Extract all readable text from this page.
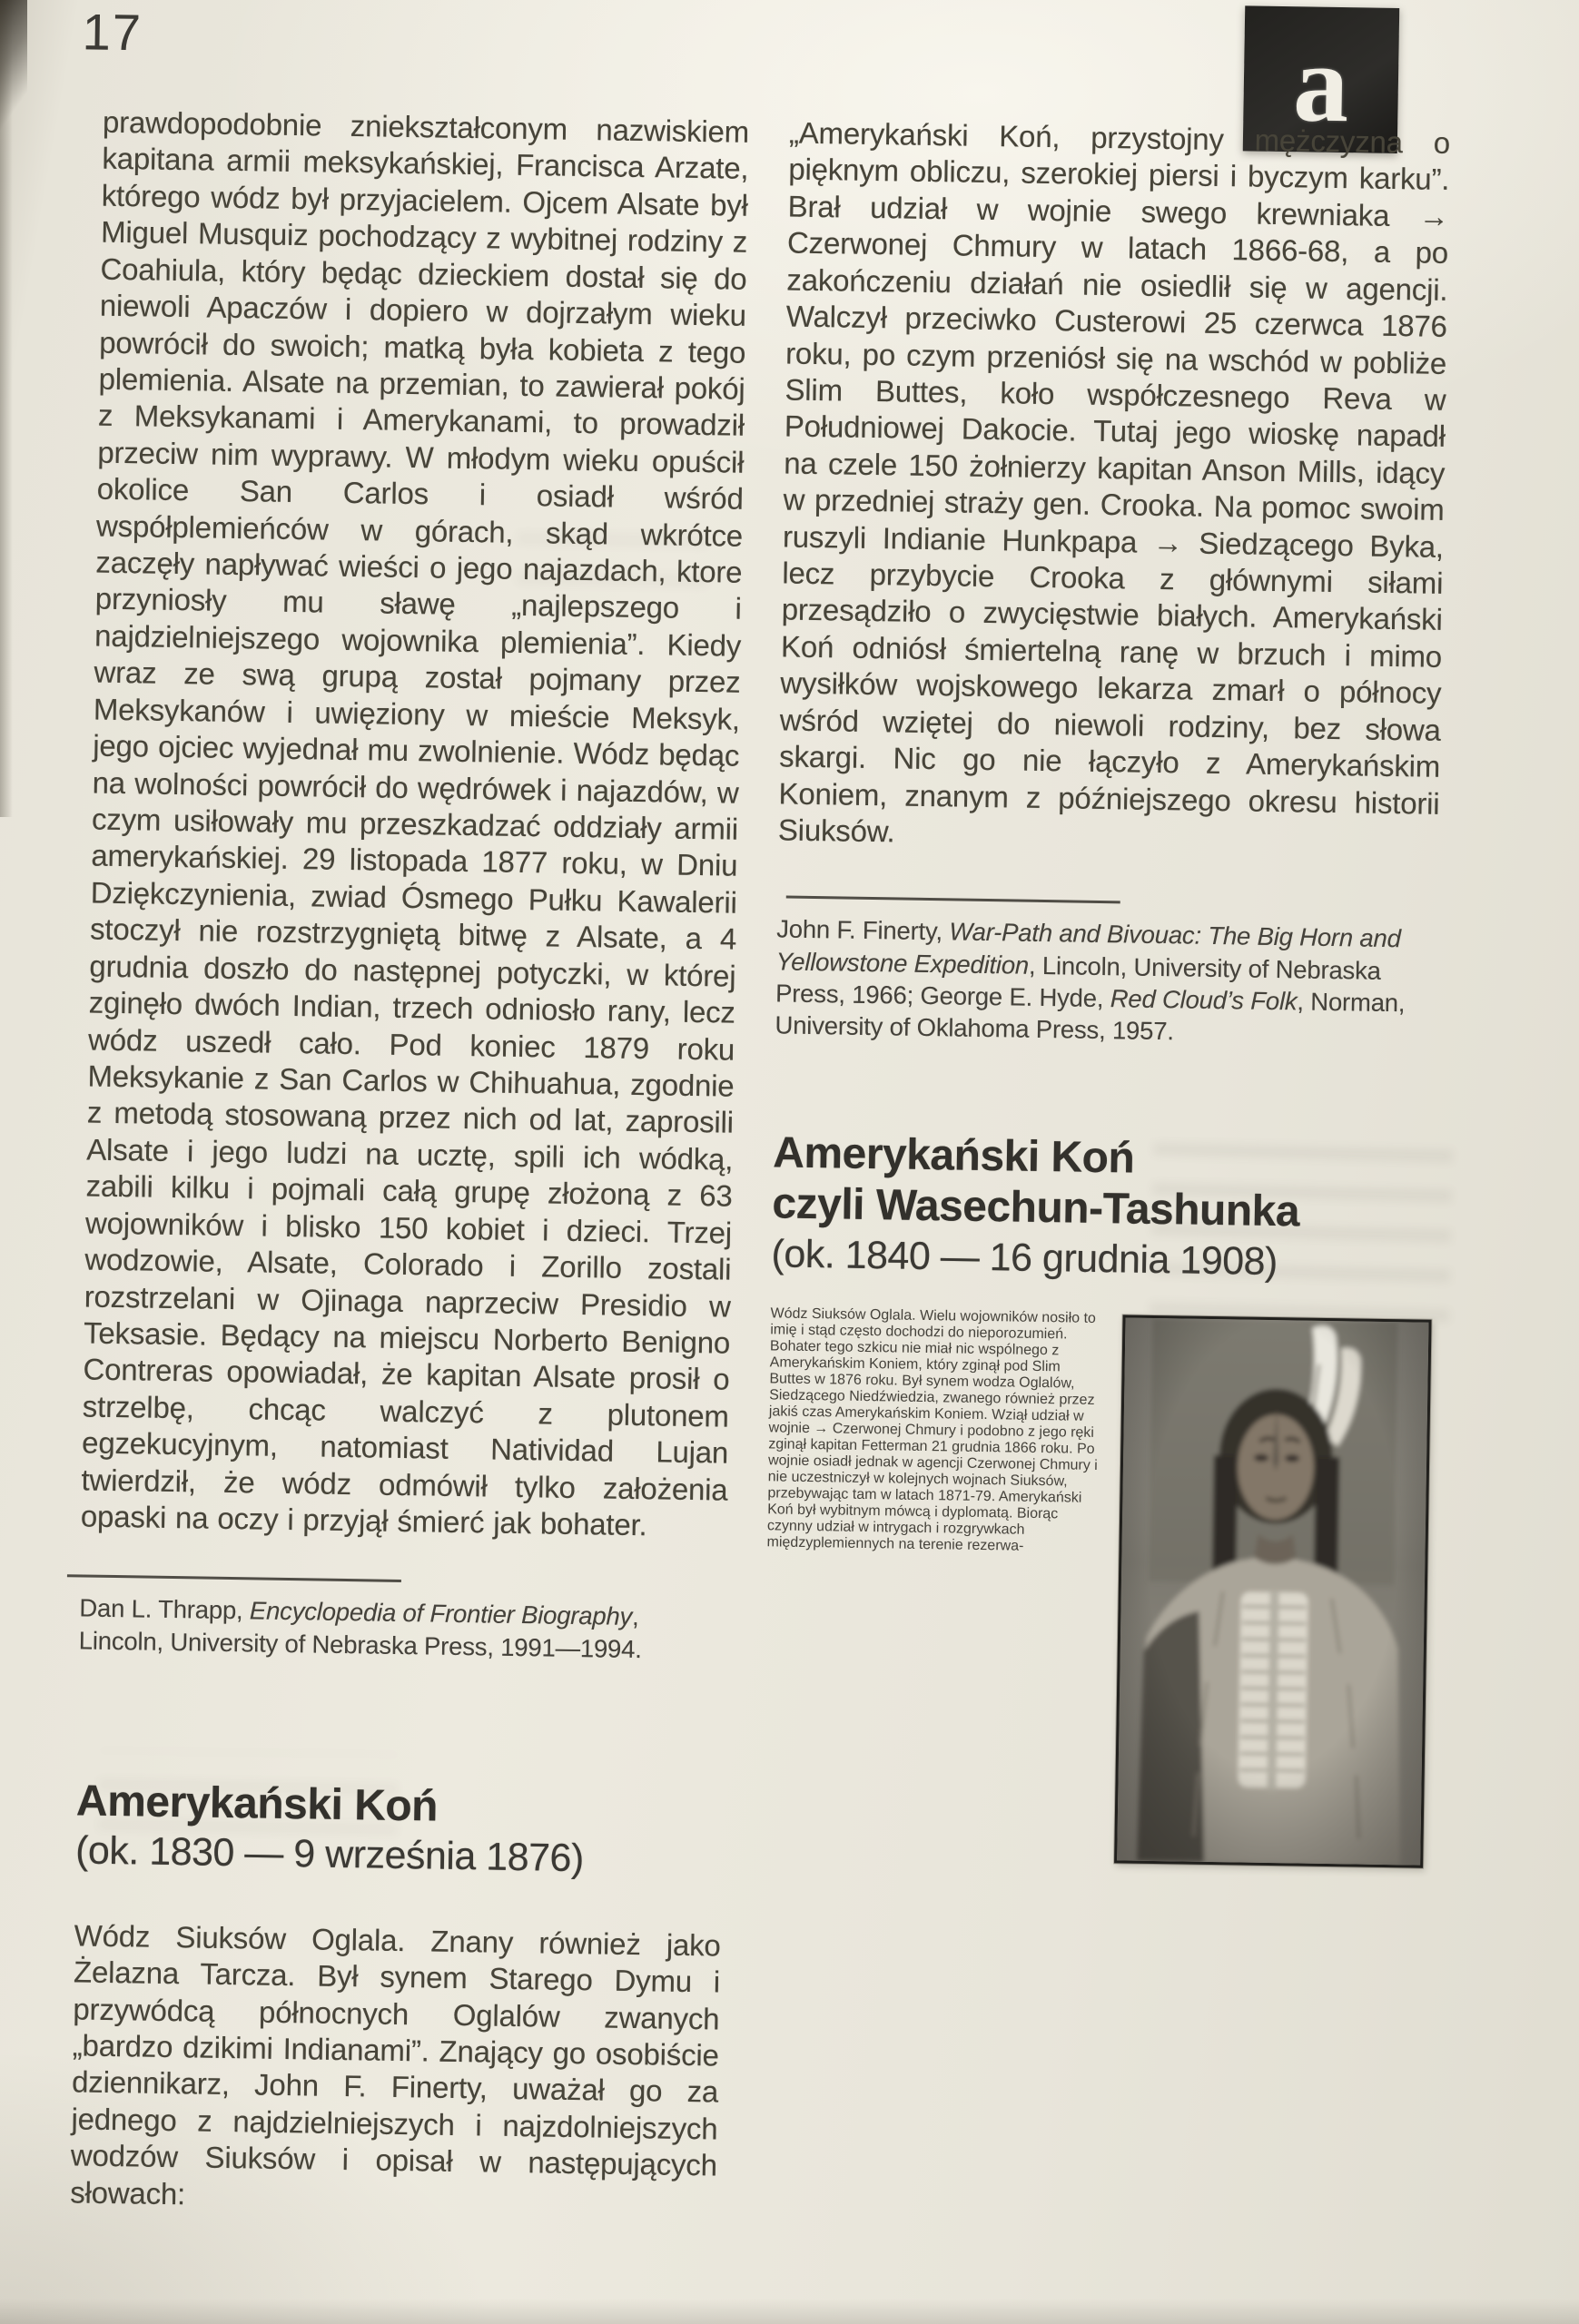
17	a

prawdopodobnie zniekształconym nazwiskiem kapitana armii meksykańskiej, Francisca Arzate, którego wódz był przyjacielem. Ojcem Alsate był Miguel Musquiz pochodzący z wybitnej rodziny z Coahiula, który będąc dzieckiem dostał się do niewoli Apaczów i dopiero w dojrzałym wieku powrócił do swoich; matką była kobieta z tego plemienia. Alsate na przemian, to zawierał pokój z Meksykanami i Amerykanami, to prowadził przeciw nim wyprawy. W młodym wieku opuścił okolice San Carlos i osiadł wśród współplemieńców w górach, skąd wkrótce zaczęły napływać wieści o jego najazdach, ktore przyniosły mu sławę „najlepszego i najdzielniejszego wojownika plemienia”. Kiedy wraz ze swą grupą został pojmany przez Meksykanów i uwięziony w mieście Meksyk, jego ojciec wyjednał mu zwolnienie. Wódz będąc na wolności powrócił do wędrówek i najazdów, w czym usiłowały mu przeszkadzać oddziały armii amerykańskiej. 29 listopada 1877 roku, w Dniu Dziękczynienia, zwiad Ósmego Pułku Kawalerii stoczył nie rozstrzygniętą bitwę z Alsate, a 4 grudnia doszło do następnej potyczki, w której zginęło dwóch Indian, trzech odniosło rany, lecz wódz uszedł cało. Pod koniec 1879 roku Meksykanie z San Carlos w Chihuahua, zgodnie z metodą stosowaną przez nich od lat, zaprosili Alsate i jego ludzi na ucztę, spili ich wódką, zabili kilku i pojmali całą grupę złożoną z 63 wojowników i blisko 150 kobiet i dzieci. Trzej wodzowie, Alsate, Colorado i Zorillo zostali rozstrzelani w Ojinaga naprzeciw Presidio w Teksasie. Będący na miejscu Norberto Benigno Contreras opowiadał, że kapitan Alsate prosił o strzelbę, chcąc walczyć z plutonem egzekucyjnym, natomiast Natividad Lujan twierdził, że wódz odmówił tylko założenia opaski na oczy i przyjął śmierć jak bohater.

Dan L. Thrapp, Encyclopedia of Frontier Biography, Lincoln, University of Nebraska Press, 1991—1994.

Amerykański Koń
(ok. 1830 — 9 września 1876)

Wódz Siuksów Oglala. Znany również jako Żelazna Tarcza. Był synem Starego Dymu i przywódcą północnych Oglalów zwanych „bardzo dzikimi Indianami”. Znający go osobiście dziennikarz, John F. Finerty, uważał go za jednego z najdzielniejszych i najzdolniejszych wodzów Siuksów i opisał w następujących słowach:

„Amerykański Koń, przystojny mężczyzna o pięknym obliczu, szerokiej piersi i byczym karku”. Brał udział w wojnie swego krewniaka → Czerwonej Chmury w latach 1866-68, a po zakończeniu działań nie osiedlił się w agencji. Walczył przeciwko Custerowi 25 czerwca 1876 roku, po czym przeniósł się na wschód w pobliże Slim Buttes, koło współczesnego Reva w Południowej Dakocie. Tutaj jego wioskę napadł na czele 150 żołnierzy kapitan Anson Mills, idący w przedniej straży gen. Crooka. Na pomoc swoim ruszyli Indianie Hunkpapa → Siedzącego Byka, lecz przybycie Crooka z głównymi siłami przesądziło o zwycięstwie białych. Amerykański Koń odniósł śmiertelną ranę w brzuch i mimo wysiłków wojskowego lekarza zmarł o północy wśród wziętej do niewoli rodziny, bez słowa skargi. Nic go nie łączyło z Amerykańskim Koniem, znanym z późniejszego okresu historii Siuksów.

John F. Finerty, War-Path and Bivouac: The Big Horn and Yellowstone Expedition, Lincoln, University of Nebraska Press, 1966; George E. Hyde, Red Cloud’s Folk, Norman, University of Oklahoma Press, 1957.

Amerykański Koń
czyli Wasechun-Tashunka
(ok. 1840 — 16 grudnia 1908)

Wódz Siuksów Oglala. Wielu wojowników nosiło to imię i stąd często dochodzi do nieporozumień. Bohater tego szkicu nie miał nic wspólnego z Amerykańskim Koniem, który zginął pod Slim Buttes w 1876 roku. Był synem wodza Oglalów, Siedzącego Niedźwiedzia, zwanego również przez jakiś czas Amerykańskim Koniem. Wziął udział w wojnie → Czerwonej Chmury i podobno z jego ręki zginął kapitan Fetterman 21 grudnia 1866 roku. Po wojnie osiadł jednak w agencji Czerwonej Chmury i nie uczestniczył w kolejnych wojnach Siuksów, przebywając tam w latach 1871-79. Amerykański Koń był wybitnym mówcą i dyplomatą. Biorąc czynny udział w intrygach i rozgrywkach międzyplemiennych na terenie rezerwa-
